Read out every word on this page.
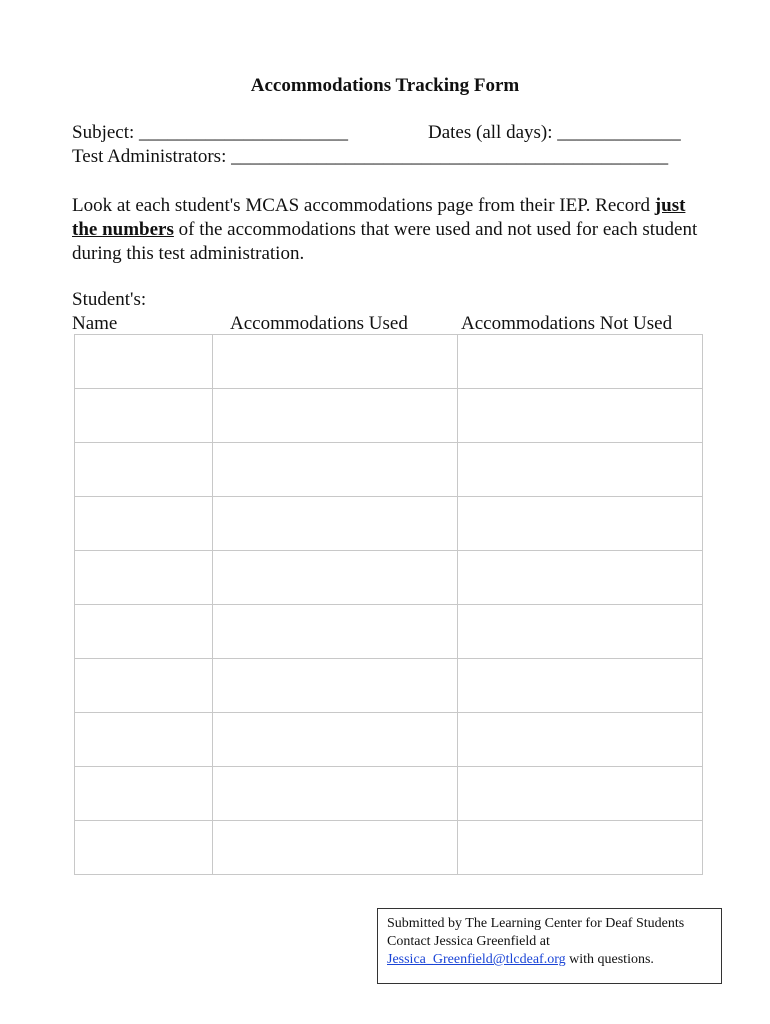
Accommodations Tracking Form
Subject: ______________________	Dates (all days): _____________
Test Administrators: ______________________________________________
Look at each student's MCAS accommodations page from their IEP. Record just the numbers of the accommodations that were used and not used for each student during this test administration.
Student's:
Name	Accommodations Used	Accommodations Not Used

Submitted by The Learning Center for Deaf Students
Contact Jessica Greenfield at
Jessica_Greenfield@tlcdeaf.org with questions.
